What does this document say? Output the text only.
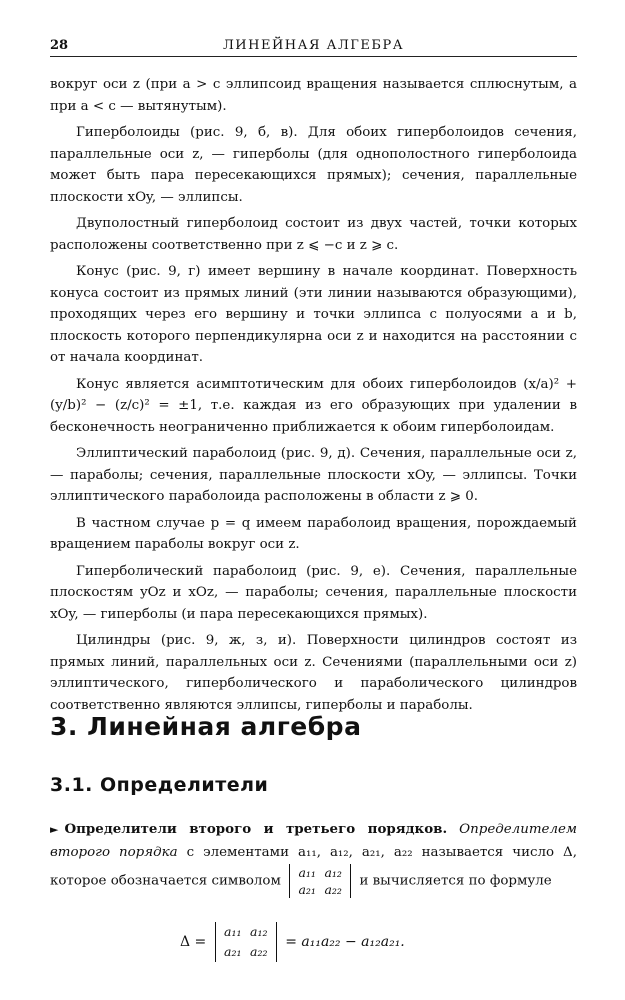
28	ЛИНЕЙНАЯ АЛГЕБРА

вокруг оси z (при a > c эллипсоид вращения называется сплюснутым, а при a < c — вытянутым).

Гиперболоиды (рис. 9, б, в). Для обоих гиперболоидов сечения, параллельные оси z, — гиперболы (для однополостного гиперболоида может быть пара пересекающихся прямых); сечения, параллельные плоскости xOy, — эллипсы.

Двуполостный гиперболоид состоит из двух частей, точки которых расположены соответственно при z ⩽ −c и z ⩾ c.

Конус (рис. 9, г) имеет вершину в начале координат. Поверхность конуса состоит из прямых линий (эти линии называются образующими), проходящих через его вершину и точки эллипса с полуосями a и b, плоскость которого перпендикулярна оси z и находится на расстоянии c от начала координат.

Конус является асимптотическим для обоих гиперболоидов (x/a)² + (y/b)² − (z/c)² = ±1, т.е. каждая из его образующих при удалении в бесконечность неограниченно приближается к обоим гиперболоидам.

Эллиптический параболоид (рис. 9, д). Сечения, параллельные оси z, — параболы; сечения, параллельные плоскости xOy, — эллипсы. Точки эллиптического параболоида расположены в области z ⩾ 0.

В частном случае p = q имеем параболоид вращения, порождаемый вращением параболы вокруг оси z.

Гиперболический параболоид (рис. 9, е). Сечения, параллельные плоскостям yOz и xOz, — параболы; сечения, параллельные плоскости xOy, — гиперболы (и пара пересекающихся прямых).

Цилиндры (рис. 9, ж, з, и). Поверхности цилиндров состоят из прямых линий, параллельных оси z. Сечениями (параллельными оси z) эллиптического, гиперболического и параболического цилиндров соответственно являются эллипсы, гиперболы и параболы.

3. Линейная алгебра
3.1. Определители
► Определители второго и третьего порядков. Определителем второго порядка с элементами a₁₁, a₁₂, a₂₁, a₂₂ называется число Δ, которое обозначается символом a₁₁ a₁₂
a₂₁ a₂₂ и вычисляется по формуле
Δ = a₁₁ a₁₂
a₂₁ a₂₂ = a₁₁a₂₂ − a₁₂a₂₁.
